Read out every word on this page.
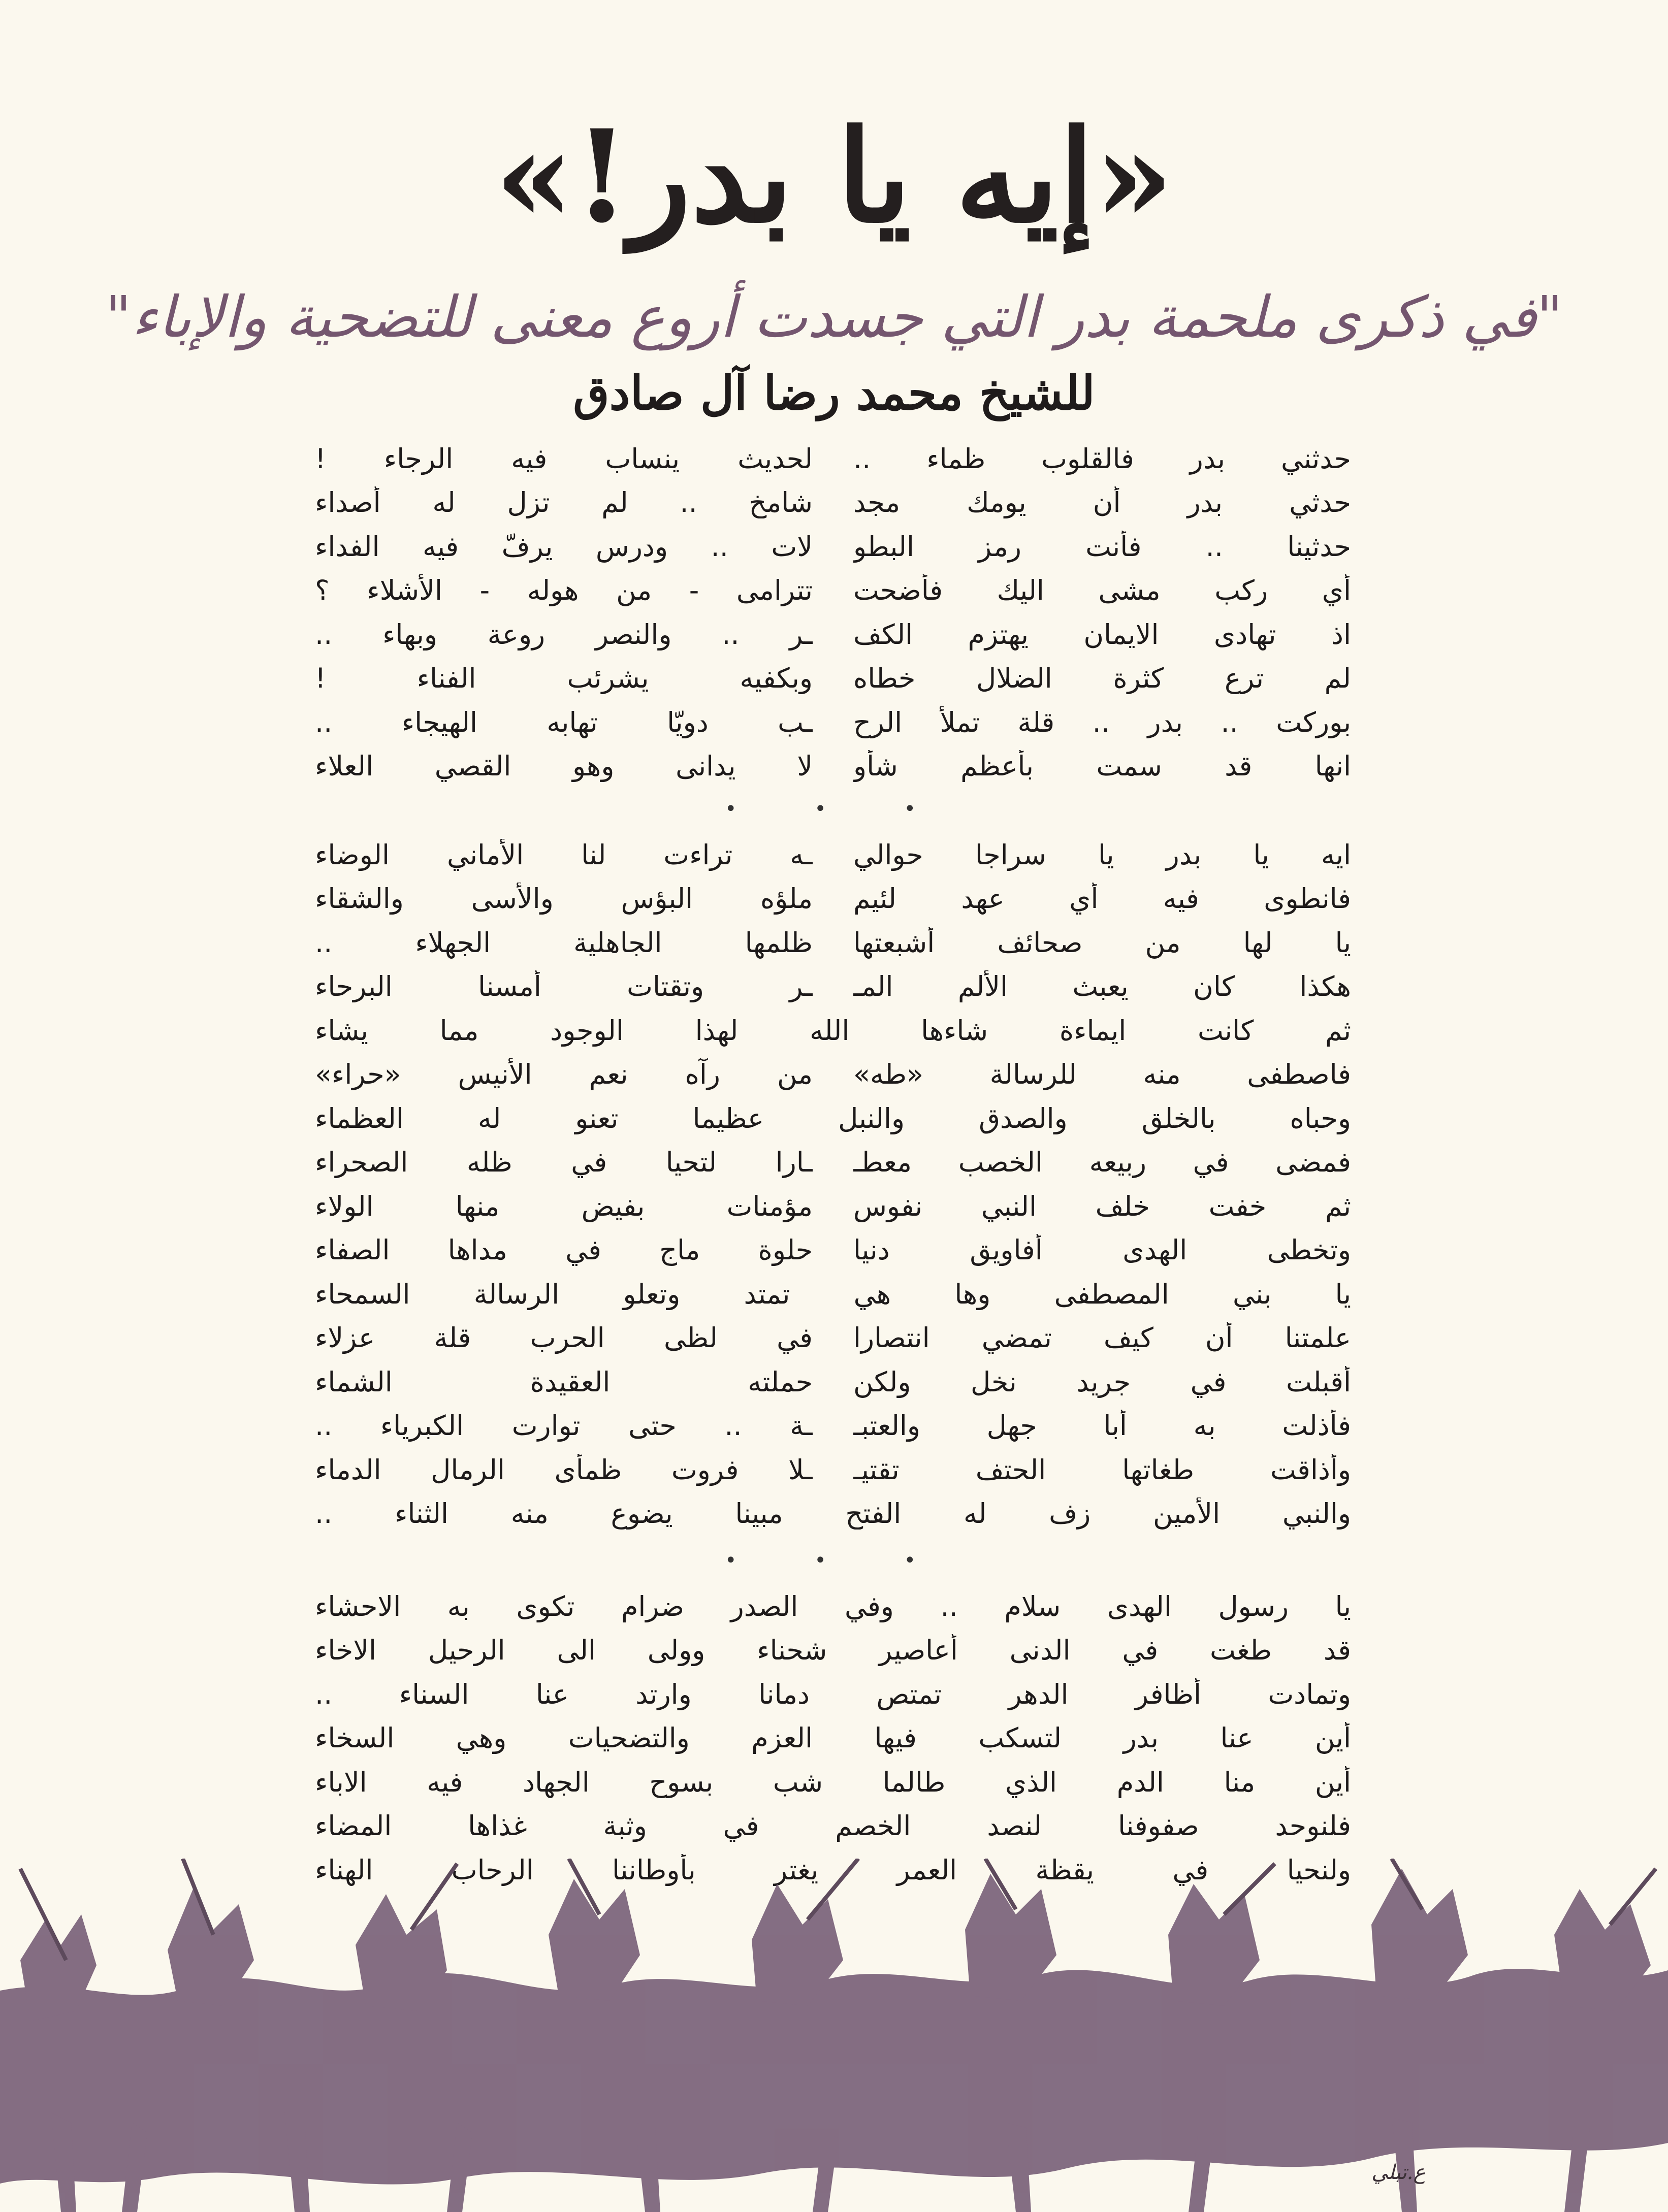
«إيه يا بدر!»
"في ذكرى ملحمة بدر التي جسدت أروع معنى للتضحية والإباء"
للشيخ محمد رضا آل صادق
حدثني بدر فالقلوب ظماء ..
لحديث ينساب فيه الرجاء !
حدثي بدر أن يومك مجد
شامخ .. لم تزل له أصداء
حدثينا .. فأنت رمز البطو
لات .. ودرس يرفّ فيه الفداء
أي ركب مشى اليك فأضحت
تترامى - من هوله - الأشلاء ؟
اذ تهادى الايمان يهتزم الكف
ـر .. والنصر روعة وبهاء ..
لم ترع كثرة الضلال خطاه
وبكفيه يشرئب الفناء !
بوركت .. بدر .. قلة تملأ الرح
ـب دويّا تهابه الهيجاء ..
انها قد سمت بأعظم شأو
لا يدانى وهو القصي العلاء
• • •
ايه يا بدر يا سراجا حوالي
ـه تراءت لنا الأماني الوضاء
فانطوى فيه أي عهد لئيم
ملؤه البؤس والأسى والشقاء
يا لها من صحائف أشبعتها
ظلمها الجاهلية الجهلاء ..
هكذا كان يعبث الألم المـ
ـر وتقتات أمسنا البرحاء
ثم كانت ايماءة شاءها الله لهذا الوجود مما يشاء
فاصطفى منه للرسالة «طه»
من رآه نعم الأنيس «حراء»
وحباه بالخلق والصدق والنبل عظيما تعنو له العظماء
فمضى في ربيعه الخصب معطـ
ـارا لتحيا في ظله الصحراء
ثم خفت خلف النبي نفوس
مؤمنات بفيض منها الولاء
وتخطى الهدى أفاويق دنيا
حلوة ماج في مداها الصفاء
يا بني المصطفى وها هي تمتد وتعلو الرسالة السمحاء
علمتنا أن كيف تمضي انتصارا
في لظى الحرب قلة عزلاء
أقبلت في جريد نخل ولكن
حملته العقيدة الشماء
فأذلت به أبا جهل والعتبـ
ـة .. حتى توارت الكبرياء ..
وأذاقت طغاتها الحتف تقتيـ
ـلا فروت ظمأى الرمال الدماء
والنبي الأمين زف له الفتح مبينا يضوع منه الثناء ..
• • •
يا رسول الهدى سلام .. وفي الصدر ضرام تكوى به الاحشاء
قد طغت في الدنى أعاصير شحناء وولى الى الرحيل الاخاء
وتمادت أظافر الدهر تمتص دمانا وارتد عنا السناء ..
أين عنا بدر لتسكب فيها العزم والتضحيات وهي السخاء
أين منا الدم الذي طالما شب بسوح الجهاد فيه الاباء
فلنوحد صفوفنا لنصد الخصم في وثبة غذاها المضاء
ولنحيا في يقظة العمر يغتر بأوطاننا الرحاب الهناء
ع.تبلي
